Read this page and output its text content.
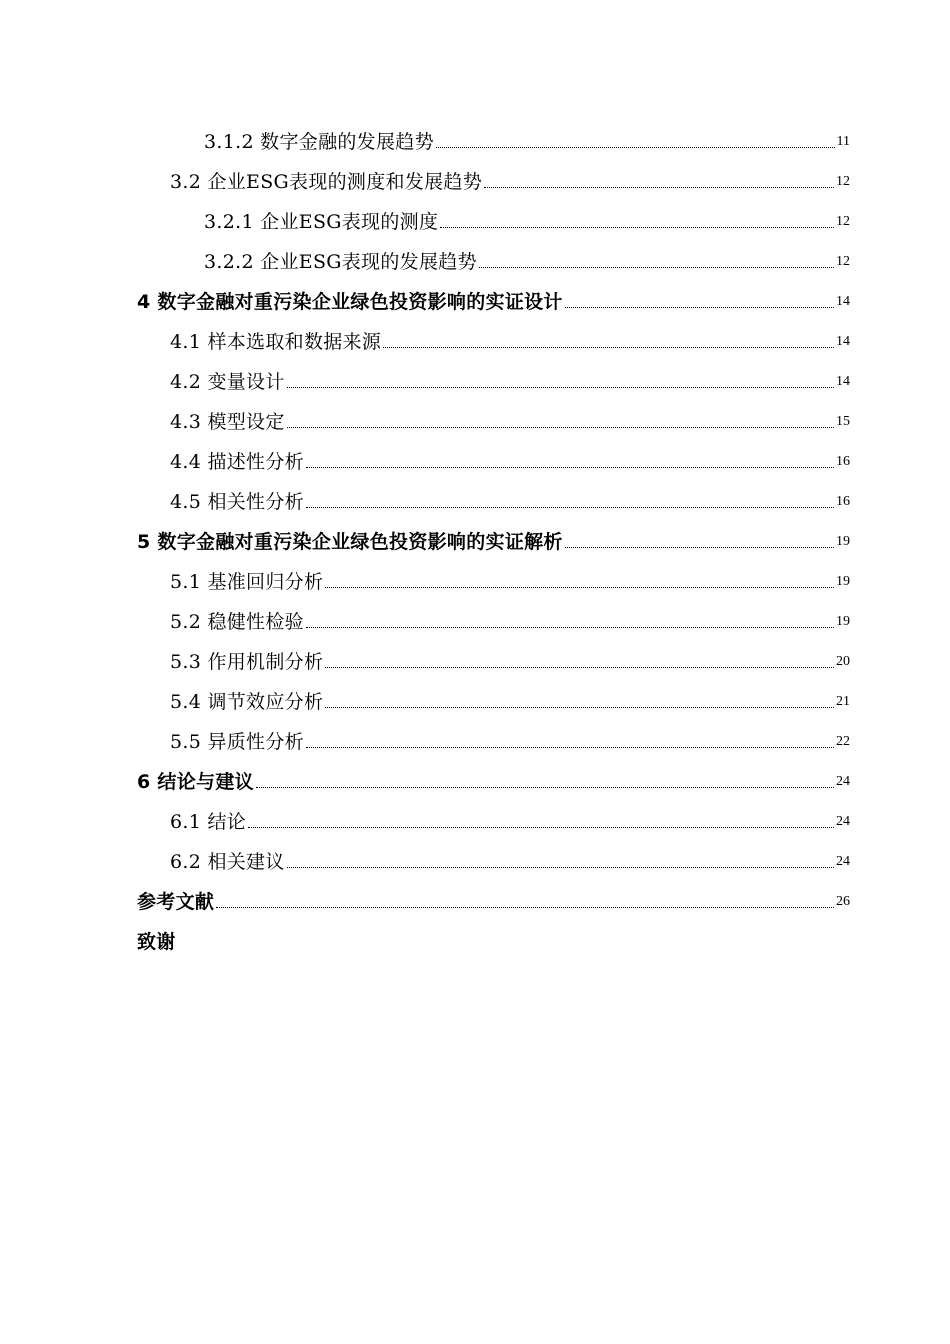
3.1.2 数字金融的发展趋势	11
3.2 企业ESG表现的测度和发展趋势	12
3.2.1 企业ESG表现的测度	12
3.2.2 企业ESG表现的发展趋势	12
4 数字金融对重污染企业绿色投资影响的实证设计	14
4.1 样本选取和数据来源	14
4.2 变量设计	14
4.3 模型设定	15
4.4 描述性分析	16
4.5 相关性分析	16
5 数字金融对重污染企业绿色投资影响的实证解析	19
5.1 基准回归分析	19
5.2 稳健性检验	19
5.3 作用机制分析	20
5.4 调节效应分析	21
5.5 异质性分析	22
6 结论与建议	24
6.1 结论	24
6.2 相关建议	24
参考文献	26
致谢
